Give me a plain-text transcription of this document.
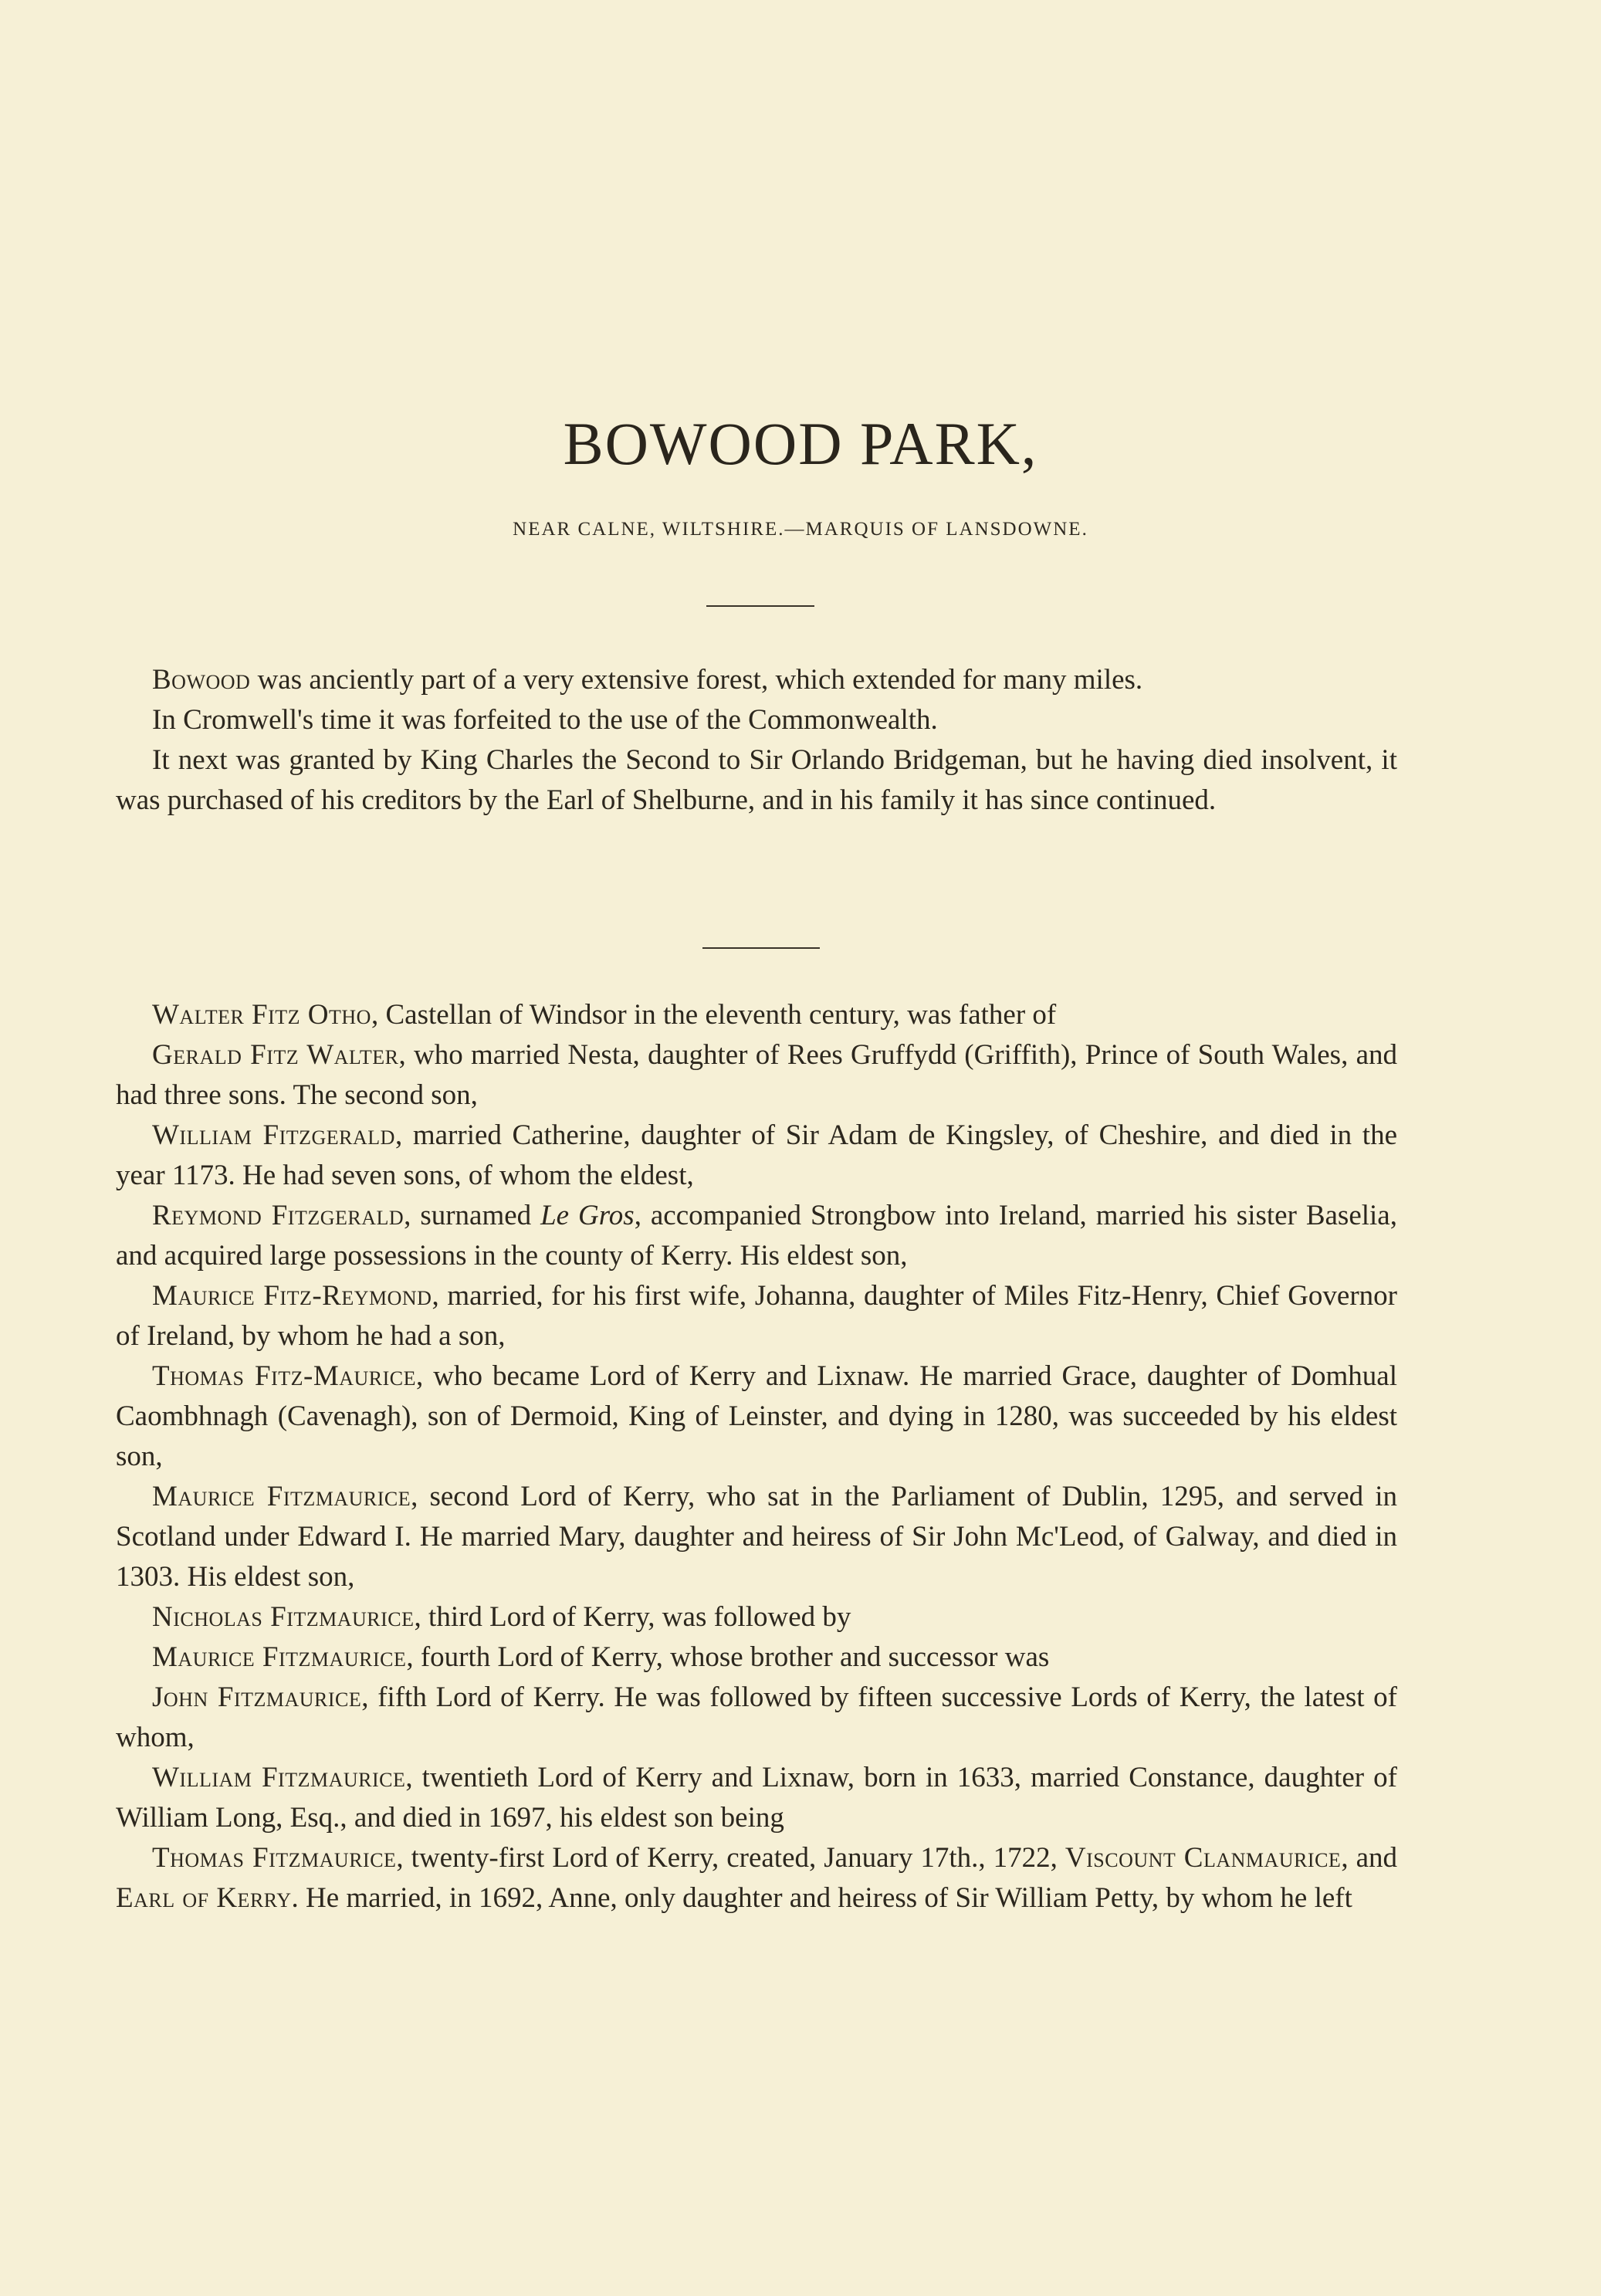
BOWOOD PARK,
NEAR CALNE, WILTSHIRE.—MARQUIS OF LANSDOWNE.

Bowood was anciently part of a very extensive forest, which extended for many miles.

In Cromwell's time it was forfeited to the use of the Commonwealth.

It next was granted by King Charles the Second to Sir Orlando Bridgeman, but he having died insolvent, it was purchased of his creditors by the Earl of Shelburne, and in his family it has since continued.

Walter Fitz Otho, Castellan of Windsor in the eleventh century, was father of

Gerald Fitz Walter, who married Nesta, daughter of Rees Gruffydd (Griffith), Prince of South Wales, and had three sons. The second son,

William Fitzgerald, married Catherine, daughter of Sir Adam de Kingsley, of Cheshire, and died in the year 1173. He had seven sons, of whom the eldest,

Reymond Fitzgerald, surnamed Le Gros, accompanied Strongbow into Ireland, married his sister Baselia, and acquired large possessions in the county of Kerry. His eldest son,

Maurice Fitz-Reymond, married, for his first wife, Johanna, daughter of Miles Fitz-Henry, Chief Governor of Ireland, by whom he had a son,

Thomas Fitz-Maurice, who became Lord of Kerry and Lixnaw. He married Grace, daughter of Domhual Caombhnagh (Cavenagh), son of Dermoid, King of Leinster, and dying in 1280, was succeeded by his eldest son,

Maurice Fitzmaurice, second Lord of Kerry, who sat in the Parliament of Dublin, 1295, and served in Scotland under Edward I. He married Mary, daughter and heiress of Sir John Mc'Leod, of Galway, and died in 1303. His eldest son,

Nicholas Fitzmaurice, third Lord of Kerry, was followed by

Maurice Fitzmaurice, fourth Lord of Kerry, whose brother and successor was

John Fitzmaurice, fifth Lord of Kerry. He was followed by fifteen successive Lords of Kerry, the latest of whom,

William Fitzmaurice, twentieth Lord of Kerry and Lixnaw, born in 1633, married Constance, daughter of William Long, Esq., and died in 1697, his eldest son being

Thomas Fitzmaurice, twenty-first Lord of Kerry, created, January 17th., 1722, Viscount Clanmaurice, and Earl of Kerry. He married, in 1692, Anne, only daughter and heiress of Sir William Petty, by whom he left
